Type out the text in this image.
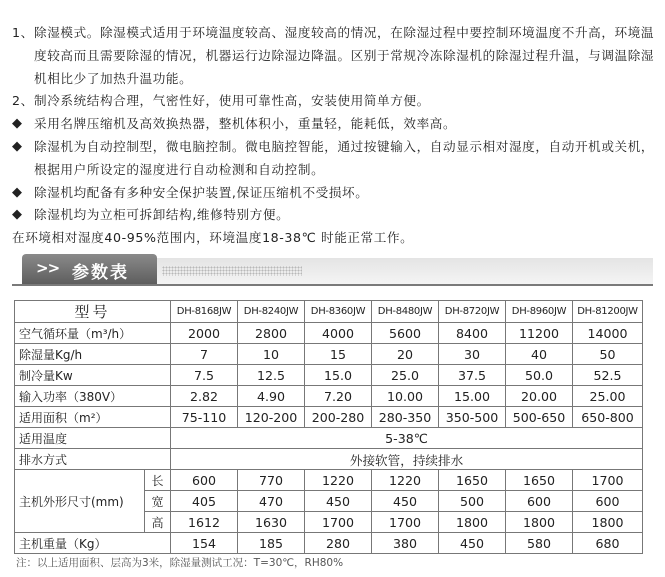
1、 除湿模式。除湿模式适用于环境温度较高、湿度较高的情况，在除湿过程中要控制环境温度不升高，环境温度较高而且需要除湿的情况，机器运行边除湿边降温。区别于常规冷冻除湿机的除湿过程升温，与调温除湿机相比少了加热升温功能。
2、 制冷系统结构合理，气密性好，使用可靠性高，安装使用简单方便。
◆ 采用名牌压缩机及高效换热器，整机体积小，重量轻，能耗低，效率高。
◆ 除湿机为自动控制型，微电脑控制。微电脑控智能，通过按键输入，自动显示相对湿度，自动开机或关机，根据用户所设定的湿度进行自动检测和自动控制。
◆ 除湿机均配备有多种安全保护装置,保证压缩机不受损坏。
◆ 除湿机均为立柜可拆卸结构,维修特别方便。
在环境相对湿度40-95%范围内，环境温度18-38℃ 时能正常工作。
>> 参数表
型号		DH-8168JW	DH-8240JW	DH-8360JW	DH-8480JW	DH-8720JW	DH-8960JW	DH-81200JW
空气循环量（m³/h）		2000	2800	4000	5600	8400	11200	14000
除湿量Kg/h		7	10	15	20	30	40	50
制冷量Kw		7.5	12.5	15.0	25.0	37.5	50.0	52.5
输入功率（380V）		2.82	4.90	7.20	10.00	15.00	20.00	25.00
适用面积（m²）		75-110	120-200	200-280	280-350	350-500	500-650	650-800
适用温度		5-38℃						
排水方式		外接软管，持续排水						
主机外形尺寸(mm)	长	600	770	1220	1220	1650	1650	1700
	宽	405	470	450	450	500	600	600
	高	1612	1630	1700	1700	1800	1800	1800
主机重量（Kg）		154	185	280	380	450	580	680
注：以上适用面积、层高为3米，除湿量测试工况：T=30℃，RH80%
